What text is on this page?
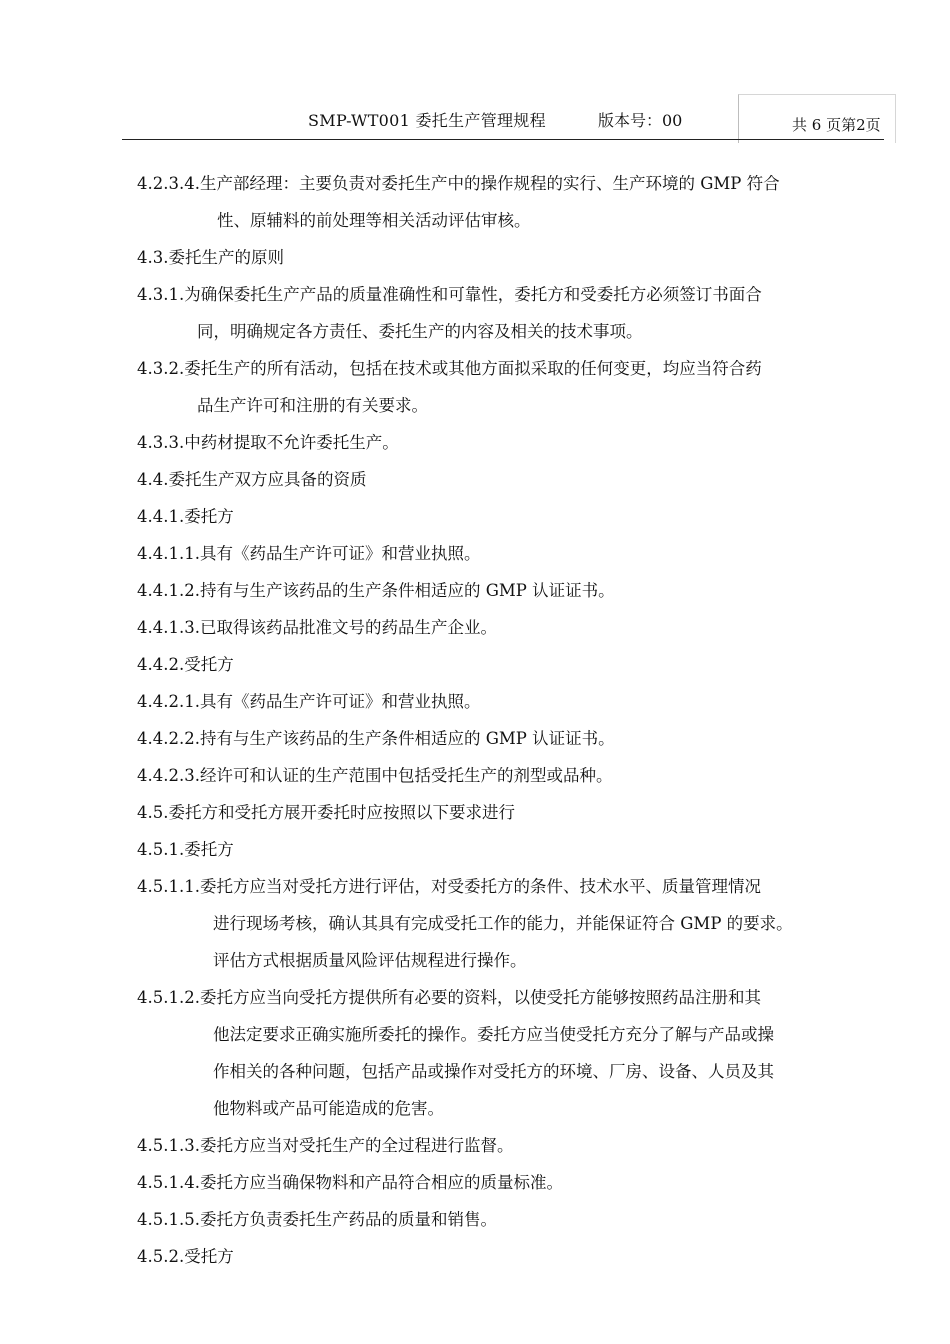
SMP-WT001 委托生产管理规程	版本号：00	共 6 页第2页
4.2.3.4.生产部经理：主要负责对委托生产中的操作规程的实行、生产环境的 GMP 符合
性、原辅料的前处理等相关活动评估审核。
4.3.委托生产的原则
4.3.1.为确保委托生产产品的质量准确性和可靠性，委托方和受委托方必须签订书面合
同，明确规定各方责任、委托生产的内容及相关的技术事项。
4.3.2.委托生产的所有活动，包括在技术或其他方面拟采取的任何变更，均应当符合药
品生产许可和注册的有关要求。
4.3.3.中药材提取不允许委托生产。
4.4.委托生产双方应具备的资质
4.4.1.委托方
4.4.1.1.具有《药品生产许可证》和营业执照。
4.4.1.2.持有与生产该药品的生产条件相适应的 GMP 认证证书。
4.4.1.3.已取得该药品批准文号的药品生产企业。
4.4.2.受托方
4.4.2.1.具有《药品生产许可证》和营业执照。
4.4.2.2.持有与生产该药品的生产条件相适应的 GMP 认证证书。
4.4.2.3.经许可和认证的生产范围中包括受托生产的剂型或品种。
4.5.委托方和受托方展开委托时应按照以下要求进行
4.5.1.委托方
4.5.1.1.委托方应当对受托方进行评估，对受委托方的条件、技术水平、质量管理情况
进行现场考核，确认其具有完成受托工作的能力，并能保证符合 GMP 的要求。
评估方式根据质量风险评估规程进行操作。
4.5.1.2.委托方应当向受托方提供所有必要的资料，以使受托方能够按照药品注册和其
他法定要求正确实施所委托的操作。委托方应当使受托方充分了解与产品或操
作相关的各种问题，包括产品或操作对受托方的环境、厂房、设备、人员及其
他物料或产品可能造成的危害。
4.5.1.3.委托方应当对受托生产的全过程进行监督。
4.5.1.4.委托方应当确保物料和产品符合相应的质量标准。
4.5.1.5.委托方负责委托生产药品的质量和销售。
4.5.2.受托方
